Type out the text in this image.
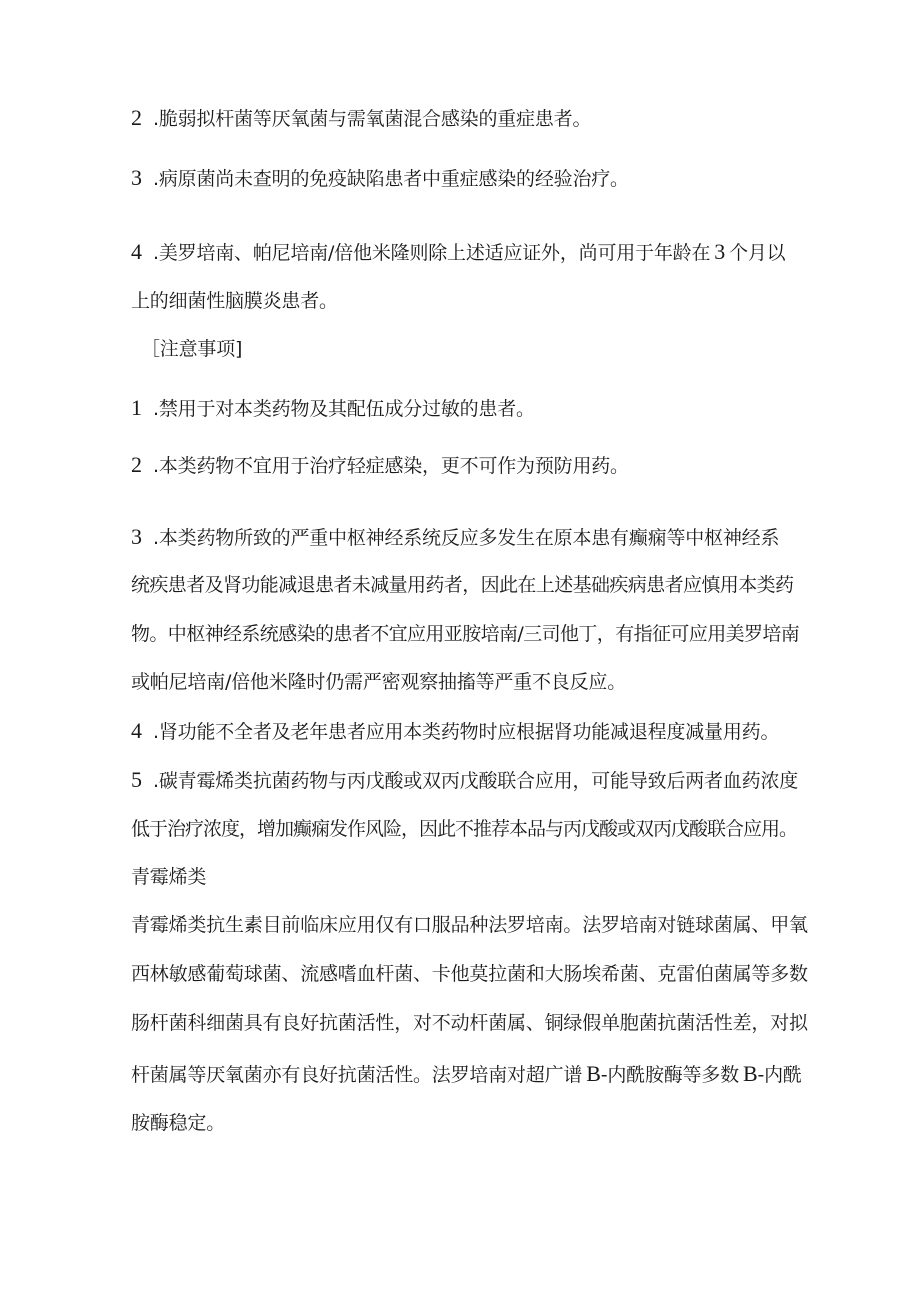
2 .脆弱拟杆菌等厌氧菌与需氧菌混合感染的重症患者。
3 .病原菌尚未查明的免疫缺陷患者中重症感染的经验治疗。
4 .美罗培南、帕尼培南/倍他米隆则除上述适应证外，尚可用于年龄在 3 个月以
上的细菌性脑膜炎患者。
［注意事项]
1 .禁用于对本类药物及其配伍成分过敏的患者。
2 .本类药物不宜用于治疗轻症感染，更不可作为预防用药。
3 .本类药物所致的严重中枢神经系统反应多发生在原本患有癫痫等中枢神经系
统疾患者及肾功能减退患者未减量用药者，因此在上述基础疾病患者应慎用本类药
物。中枢神经系统感染的患者不宜应用亚胺培南/三司他丁，有指征可应用美罗培南
或帕尼培南/倍他米隆时仍需严密观察抽搐等严重不良反应。
4 .肾功能不全者及老年患者应用本类药物时应根据肾功能减退程度减量用药。
5 .碳青霉烯类抗菌药物与丙戊酸或双丙戊酸联合应用，可能导致后两者血药浓度
低于治疗浓度，增加癫痫发作风险，因此不推荐本品与丙戊酸或双丙戊酸联合应用。
青霉烯类
青霉烯类抗生素目前临床应用仅有口服品种法罗培南。法罗培南对链球菌属、甲氧
西林敏感葡萄球菌、流感嗜血杆菌、卡他莫拉菌和大肠埃希菌、克雷伯菌属等多数
肠杆菌科细菌具有良好抗菌活性，对不动杆菌属、铜绿假单胞菌抗菌活性差，对拟
杆菌属等厌氧菌亦有良好抗菌活性。法罗培南对超广谱 B-内酰胺酶等多数 B-内酰
胺酶稳定。
